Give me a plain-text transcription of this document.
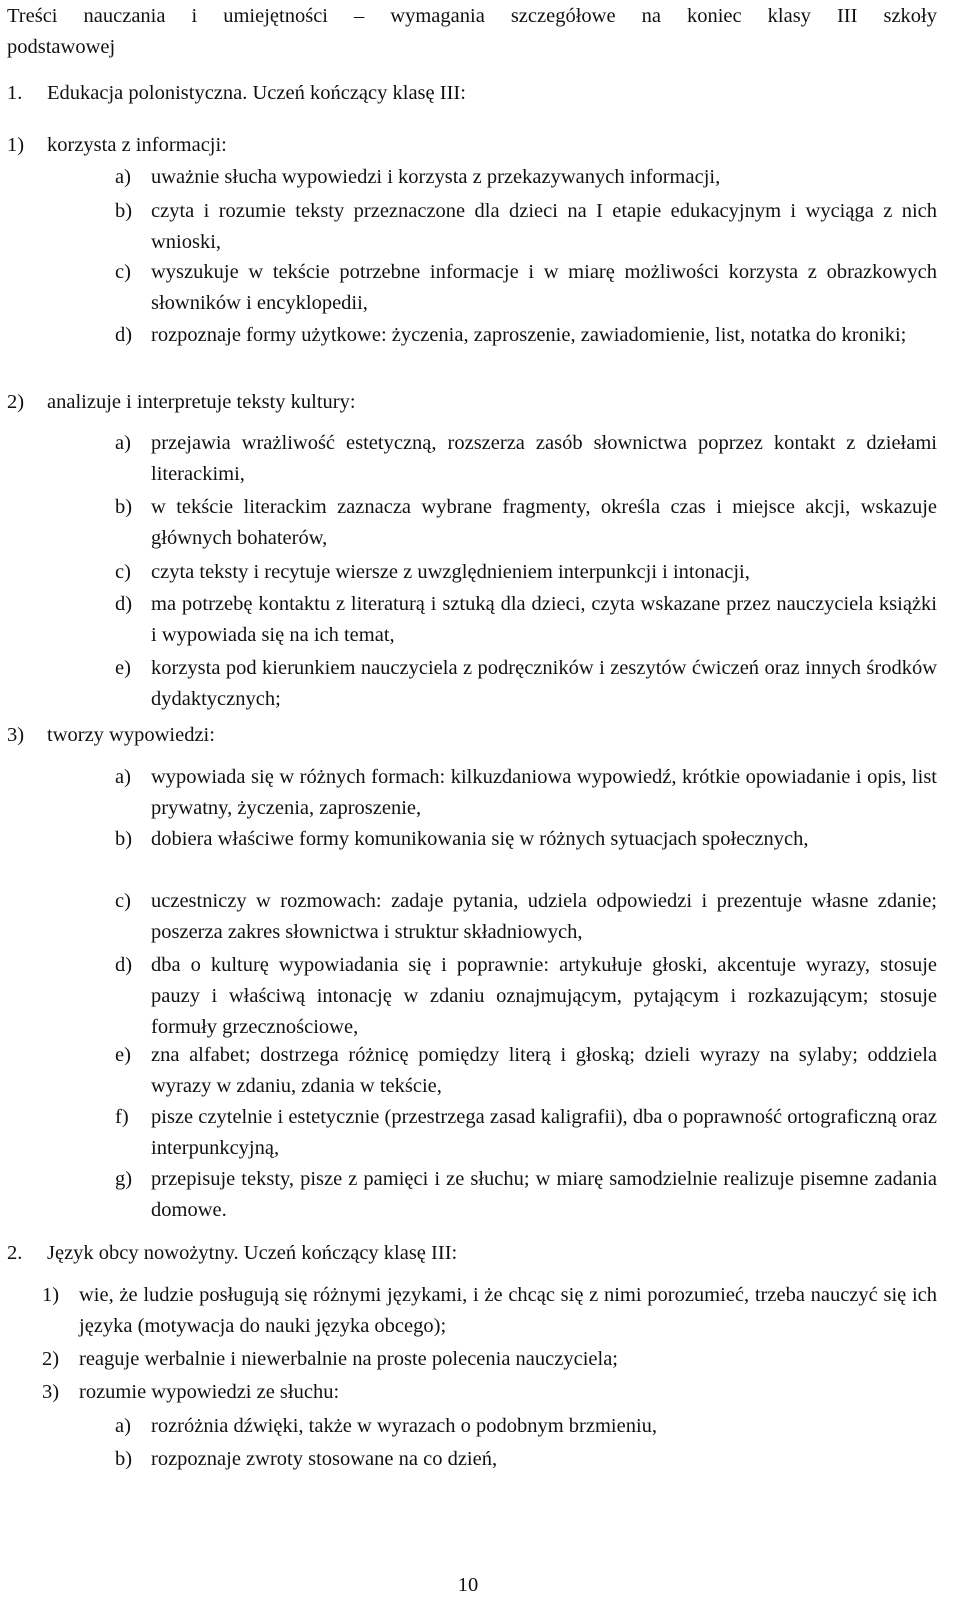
Treści nauczania i umiejętności – wymagania szczegółowe na koniec klasy III szkoły
podstawowej
1.	Edukacja polonistyczna. Uczeń kończący klasę III:
1)	korzysta z informacji:
a) uważnie słucha wypowiedzi i korzysta z przekazywanych informacji,
b) czyta i rozumie teksty przeznaczone dla dzieci na I etapie edukacyjnym i wyciąga z nich wnioski,
c) wyszukuje w tekście potrzebne informacje i w miarę możliwości korzysta z obrazkowych słowników i encyklopedii,
d) rozpoznaje formy użytkowe: życzenia, zaproszenie, zawiadomienie, list, notatka do kroniki;
2)	analizuje i interpretuje teksty kultury:
a) przejawia wrażliwość estetyczną, rozszerza zasób słownictwa poprzez kontakt z dziełami literackimi,
b) w tekście literackim zaznacza wybrane fragmenty, określa czas i miejsce akcji, wskazuje głównych bohaterów,
c) czyta teksty i recytuje wiersze z uwzględnieniem interpunkcji i intonacji,
d) ma potrzebę kontaktu z literaturą i sztuką dla dzieci, czyta wskazane przez nauczyciela książki i wypowiada się na ich temat,
e) korzysta pod kierunkiem nauczyciela z podręczników i zeszytów ćwiczeń oraz innych środków dydaktycznych;
3)	tworzy wypowiedzi:
a) wypowiada się w różnych formach: kilkuzdaniowa wypowiedź, krótkie opowiadanie i opis, list prywatny, życzenia, zaproszenie,
b) dobiera właściwe formy komunikowania się w różnych sytuacjach społecznych,
c) uczestniczy w rozmowach: zadaje pytania, udziela odpowiedzi i prezentuje własne zdanie; poszerza zakres słownictwa i struktur składniowych,
d) dba o kulturę wypowiadania się i poprawnie: artykułuje głoski, akcentuje wyrazy, stosuje pauzy i właściwą intonację w zdaniu oznajmującym, pytającym i rozkazującym; stosuje formuły grzecznościowe,
e) zna alfabet; dostrzega różnicę pomiędzy literą i głoską; dzieli wyrazy na sylaby; oddziela wyrazy w zdaniu, zdania w tekście,
f)	pisze czytelnie i estetycznie (przestrzega zasad kaligrafii), dba o poprawność ortograficzną oraz interpunkcyjną,
g) przepisuje teksty, pisze z pamięci i ze słuchu; w miarę samodzielnie realizuje pisemne zadania domowe.
2.	Język obcy nowożytny. Uczeń kończący klasę III:
1) wie, że ludzie posługują się różnymi językami, i że chcąc się z nimi porozumieć, trzeba nauczyć się ich języka (motywacja do nauki języka obcego);
2) reaguje werbalnie i niewerbalnie na proste polecenia nauczyciela;
3) rozumie wypowiedzi ze słuchu:
a) rozróżnia dźwięki, także w wyrazach o podobnym brzmieniu,
b) rozpoznaje zwroty stosowane na co dzień,
10
